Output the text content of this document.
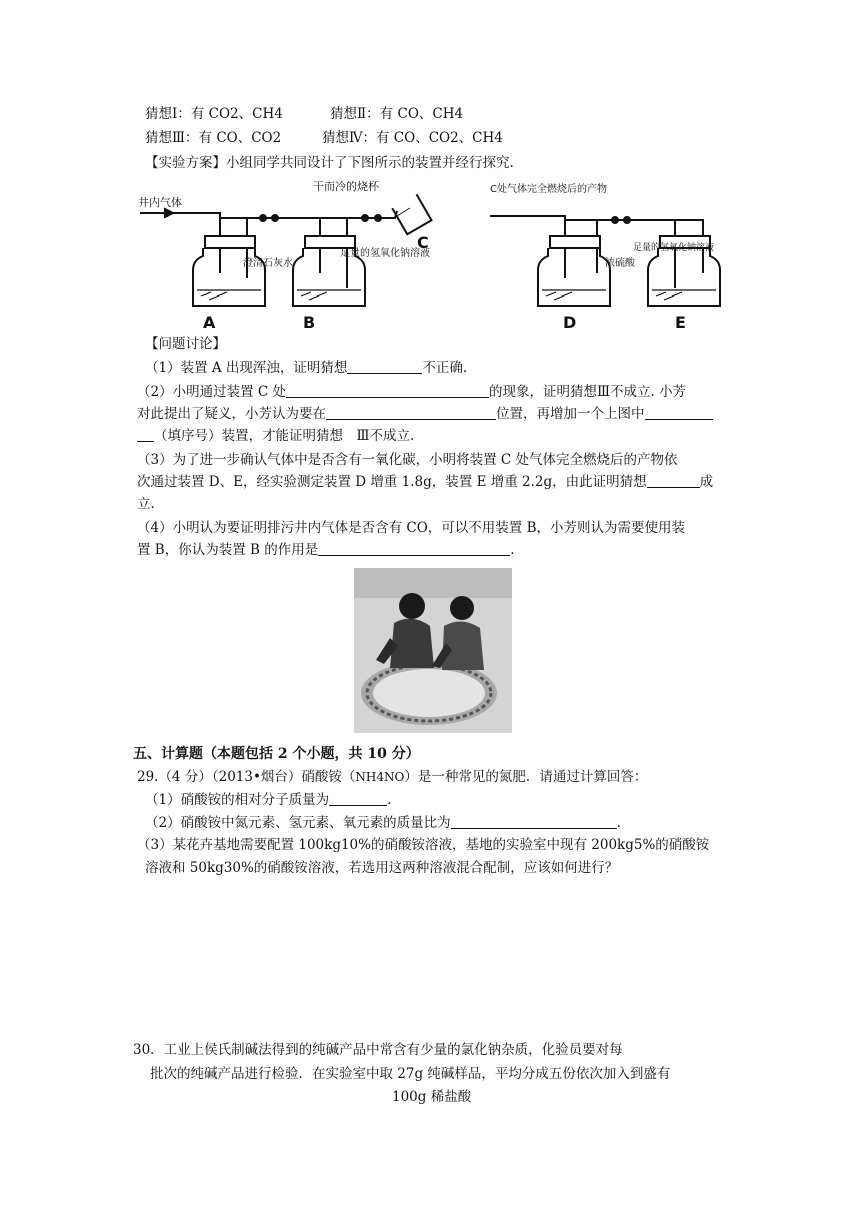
猜想Ⅰ：有 CO2、CH4	猜想Ⅱ：有 CO、CH4
猜想Ⅲ：有 CO、CO2	猜想Ⅳ：有 CO、CO2、CH4
【实验方案】小组同学共同设计了下图所示的装置并经行探究.
井内气体
干而冷的烧杯
澄清石灰水
足量的氢氧化钠溶液
A	B
C
C处气体完全燃烧后的产物
浓硫酸
足量的氢氧化钠溶液
D	E
【问题讨论】
（1）装置 A 出现浑浊，证明猜想	不正确.
（2）小明通过装置 C 处	的现象，证明猜想Ⅲ不成立. 小芳
对此提出了疑义，小芳认为要在	位置，再增加一个上图中
（填序号）装置，才能证明猜想　Ⅲ不成立.
（3）为了进一步确认气体中是否含有一氧化碳，小明将装置 C 处气体完全燃烧后的产物依
次通过装置 D、E，经实验测定装置 D 增重 1.8g，装置 E 增重 2.2g，由此证明猜想	成
立.
（4）小明认为要证明排污井内气体是否含有 CO，可以不用装置 B，小芳则认为需要使用装
置 B，你认为装置 B 的作用是	.
五、计算题（本题包括 2 个小题，共 10 分）
29.（4 分）（2013•烟台）硝酸铵（NH4NO）是一种常见的氮肥．请通过计算回答：
（1）硝酸铵的相对分子质量为	.
（2）硝酸铵中氮元素、氢元素、氧元素的质量比为	.
（3）某花卉基地需要配置 100kg10%的硝酸铵溶液，基地的实验室中现有 200kg5%的硝酸铵
溶液和 50kg30%的硝酸铵溶液，若选用这两种溶液混合配制，应该如何进行？
30．工业上侯氏制碱法得到的纯碱产品中常含有少量的氯化钠杂质，化验员要对每
批次的纯碱产品进行检验．在实验室中取 27g 纯碱样品，平均分成五份依次加入到盛有
100g 稀盐酸
